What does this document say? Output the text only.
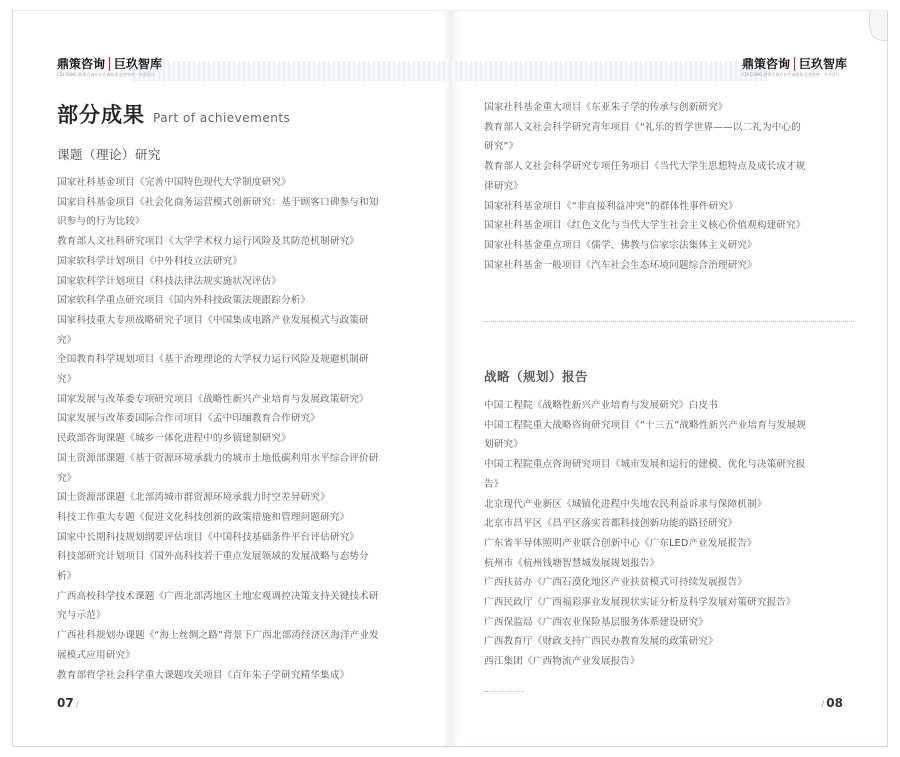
鼎策咨询 巨玖智库
CDI DSNG 鼎策咨询专业咨询服务 思想智库 · 专业设计
部分成果 Part of achievements
课题（理论）研究
国家社科基金项目《完善中国特色现代大学制度研究》
国家自科基金项目《社会化商务运营模式创新研究：基于顾客口碑参与和知
识参与的行为比较》
教育部人文社科研究项目《大学学术权力运行风险及其防范机制研究》
国家软科学计划项目《中外科技立法研究》
国家软科学计划项目《科技法律法规实施状况评估》
国家软科学重点研究项目《国内外科技政策法规跟踪分析》
国家科技重大专项战略研究子项目《中国集成电路产业发展模式与政策研
究》
全国教育科学规划项目《基于治理理论的大学权力运行风险及规避机制研
究》
国家发展与改革委专项研究项目《战略性新兴产业培育与发展政策研究》
国家发展与改革委国际合作司项目《孟中印缅教育合作研究》
民政部咨询课题《城乡一体化进程中的乡镇建制研究》
国土资源部课题《基于资源环境承载力的城市土地低碳利用水平综合评价研
究》
国土资源部课题《北部湾城市群资源环境承载力时空差异研究》
科技工作重大专题《促进文化科技创新的政策措施和管理问题研究》
国家中长期科技规划纲要评估项目《中国科技基础条件平台评估研究》
科技部研究计划项目《国外高科技若干重点发展领域的发展战略与态势分
析》
广西高校科学技术课题《广西北部湾地区土地宏观调控决策支持关键技术研
究与示范》
广西社科规划办课题《“海上丝绸之路”背景下广西北部湾经济区海洋产业发
展模式应用研究》
教育部哲学社会科学重大课题攻关项目《百年朱子学研究精华集成》
07 /
鼎策咨询 巨玖智库
CDI DSNG 鼎策咨询专业咨询服务 思想智库 · 专业设计
国家社科基金重大项目《东亚朱子学的传承与创新研究》
教育部人文社会科学研究青年项目《“礼乐的哲学世界——以二礼为中心的
研究”》
教育部人文社会科学研究专项任务项目《当代大学生思想特点及成长成才规
律研究》
国家社科基金项目《“非直接利益冲突”的群体性事件研究》
国家社科基金项目《红色文化与当代大学生社会主义核心价值观构建研究》
国家社科基金重点项目《儒学、佛教与信家宗法集体主义研究》
国家社科基金一般项目《汽车社会生态环境问题综合治理研究》
战略（规划）报告
中国工程院《战略性新兴产业培育与发展研究》白皮书
中国工程院重大战略咨询研究项目《“十三五”战略性新兴产业培育与发展规
划研究》
中国工程院重点咨询研究项目《城市发展和运行的建模、优化与决策研究报
告》
北京现代产业新区《城镇化进程中失地农民利益诉求与保障机制》
北京市昌平区《昌平区落实首都科技创新功能的路径研究》
广东省半导体照明产业联合创新中心《广东LED产业发展报告》
杭州市《杭州钱塘智慧城发展规划报告》
广西扶贫办《广西石漠化地区产业扶贫模式可持续发展报告》
广西民政厅《广西福彩事业发展现状实证分析及科学发展对策研究报告》
广西保监局《广西农业保险基层服务体系建设研究》
广西教育厅《财政支持广西民办教育发展的政策研究》
西江集团《广西物流产业发展报告》
/ 08
